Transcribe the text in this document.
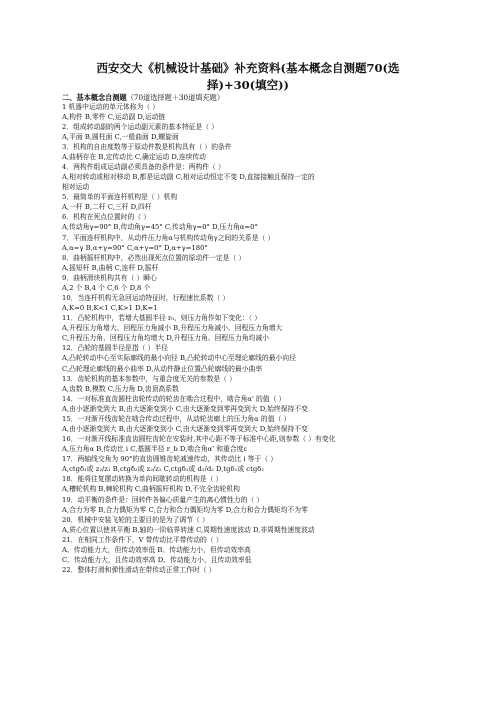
西安交大《机械设计基础》补充资料(基本概念自测题70(选
择)+30(填空))
二、基本概念自测题（70道选择题＋30道填充题）
1 机器中运动的单元体称为（ ）
A,构件 B,零件 C,运动副 D,运动链
2．组成转动副的两个运动副元素的基本特征是（ ）
A,平面 B,圆柱面 C,一般曲面 D,螺旋面
3．机构的自由度数等于原动件数是机构具有（ ）的条件
A,曲柄存在 B,定传动比 C,确定运动 D,连续传动
4．两构件组成运动副必须具备的条件是：两构件（ ）
A,相对转动或相对移动 B,都是运动副 C,相对运动恒定不变 D,直接接触且保持一定的
相对运动
5．最简单的平面连杆机构是（ ）机构
A,一杆 B,二杆 C,三杆 D,四杆
6．机构在死点位置时的（ ）
A,传动角γ=90° B,传动角γ=45° C,传动角γ=0° D,压力角α=0°
7．平面连杆机构中，从动件压力角α与机构传动角γ之间的关系是（ ）
A,α=γ B,α+γ=90° C,α+γ=0° D,α+γ=180°
8．曲柄摇杆机构中，必然出现死点位置的原动件一定是（ ）
A,摇短杆 B,曲柄 C,连杆 D,摇杆
9．曲柄滑块机构共有（ ）瞬心
A,2 个 B,4 个 C,6 个 D,8 个
10．当连杆机构无急回运动特征时，行程速比系数（ ）
A,K=0 B,K<1 C,K>1 D,K=1
11．凸轮机构中，若增大基圆半径 r₀，则压力角作如下变化：（ ）
A,升程压力角增大、回程压力角减小 B,升程压力角减小、回程压力角增大
C,升程压力角、回程压力角均增大 D,升程压力角、回程压力角均减小
12．凸轮的基圆半径是指（ ）半径
A,凸轮转动中心至实际廓线的最小向径 B,凸轮转动中心至理论廓线的最小向径
C,凸轮理论廓线的最小曲率 D,从动件静止位置凸轮廓线的最小曲率
13．齿轮机构的基本参数中，与重合度无关的参数是（ ）
A,齿数 B,模数 C,压力角 D,齿顶高系数
14．一对标准直齿圆柱齿轮传动的轮齿在啮合过程中，啮合角α' 的值（ ）
A,由小逐渐变到大 B,由大逐渐变到小 C,由大逐渐变到零再变到大 D,始终保持不变
15．一对渐开线齿轮在啮合传动过程中，从动轮齿廓上的压力角α 的值（ ）
A,由小逐渐变到大 B,由大逐渐变到小 C,由大逐渐变到零再变到大 D,始终保持不变
16．一对渐开线标准直齿圆柱齿轮在安装时,其中心距不等于标准中心距,则参数（ ）有变化
A,压力角α B,传动比 i C,基圆半径 r_b D,啮合角α' 和重合度ε
17．两轴线交角为 90°的直齿圆锥齿轮减速传动，其传动比 i 等于（ ）
A,ctgδ₁或 z₂/z₁ B,ctgδ₂或 z₂/z₁ C,ctgδ₁或 d₁/d₂ D,tgδ₁或 ctgδ₂
18．能将往复摆动转换为单向间歇转动的机构是（ ）
A,槽轮机构 B,棘轮机构 C,曲柄摇杆机构 D,不完全齿轮机构
19．动平衡的条件是：回转件各偏心质量产生的离心惯性力的（ ）
A,合力为零 B,合力偶矩为零 C,合力和合力偶矩均为零 D,合力和合力偶矩均不为零
20．机械中安装飞轮的主要目的是为了调节（ ）
A,质心位置以使其平衡 B,轴的一阶临界转速 C,周期性速度波动 D,非周期性速度波动
21．在相同工作条件下，V 带传动比平带传动的（ ）
A、传动能力大，但传动效率低 B、传动能力小，但传动效率高
C、传动能力大，且传动效率高 D、传动能力小，且传动效率低
22．整体打滑和弹性滑动在带传动正常工作时（ ）
